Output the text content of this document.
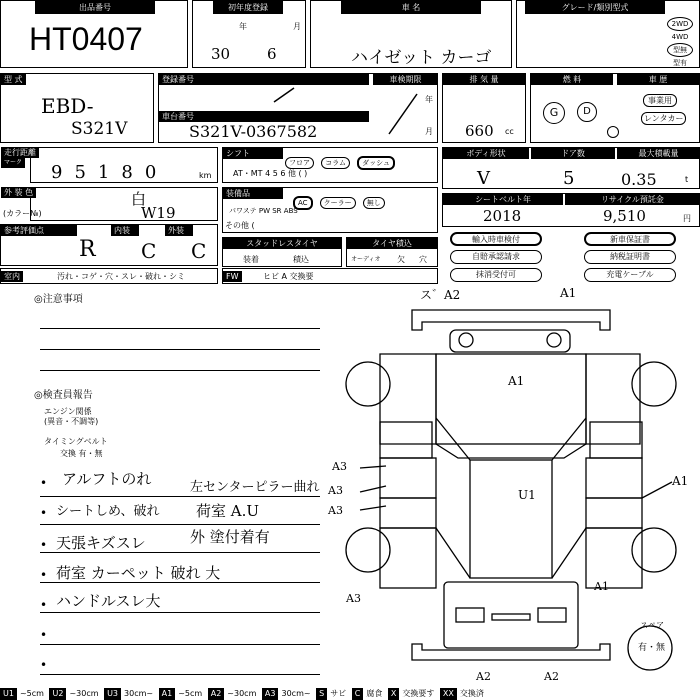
出品番号
HT0407
初年度登録
30
年
6
月
車 名
ハイゼット カーゴ
グレード/類別型式
2WD
4WD
型無
型有
型 式
EBD-
S321V
登録番号
車台番号
S321V-0367582
車検期限
年
月
排 気 量
660 cc
燃 料	車 歴
G	D
事業用
レンタカー
走行距離
マーク 95180	km
シフト
フロア コラム ダッシュ
AT・MT 4 5 6 他 ( )
ボディ形状	ドア数	最大積載量
V	5	0.35	t
外 装 色
(カラー№)
白
W19
装備品
AC クーラー 無し
パワステ PW SR ABS
その他 (
シートベルト年	リサイクル預託金
2018	9,510	円
参考評価点	内装	外装
R C C	スタッドレスタイヤ
装着	積込
タイヤ積込
オーディオ 欠 穴
輸入時車検付	新車保証書
自賠承認請求	納税証明書
抹消受付可	充電ケーブル
室内	汚れ・コゲ・穴・スレ・破れ・シミ	FW	ヒビ A 交換要
◎注意事項
◎検査員報告
エンジン関係
(異音・不調等)
タイミングベルト
交換 有・無
• アルフトのれ	左センターピラー曲れ
• シートしめ、破れ 荷室 A.U
• 天張キズスレ	外 塗付着有
• 荷室 カーペット 破れ 大
• ハンドルスレ大
•
•
ス゛A2	A1
A1
A3
A3
A3
A1
U1
A3
A1
A2	A2
スペア
有・無
U1 ~5cm U2 ~30cm U3 30cm~ A1 ~5cm A2 ~30cm A3 30cm~ S サビ C 腐食 X 交換要す XX 交換済
